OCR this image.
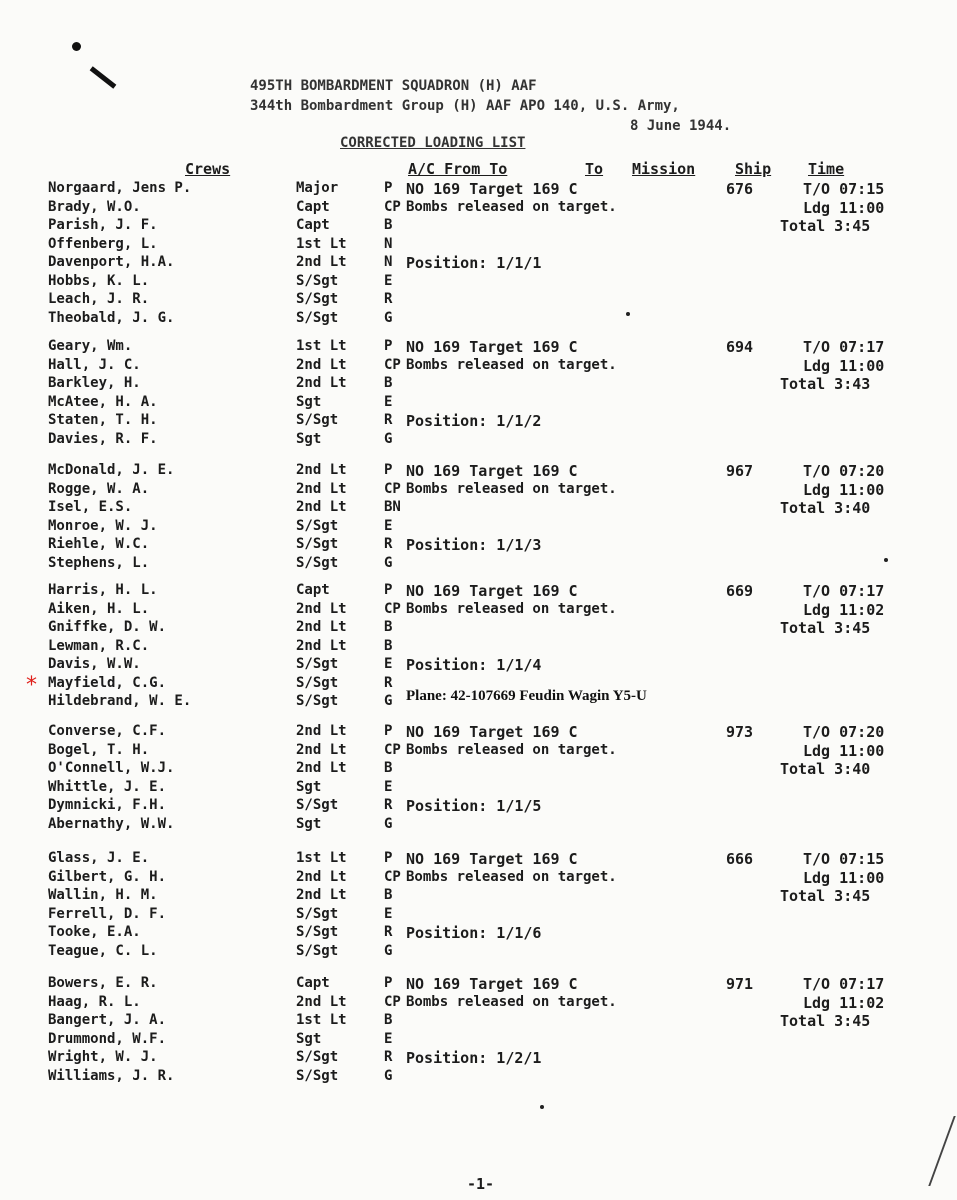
495TH BOMBARDMENT SQUADRON (H) AAF
344th Bombardment Group (H) AAF APO 140, U.S. Army,
8 June 1944.
CORRECTED LOADING LIST
Crews	A/C From To	To Mission	Ship Time
Norgaard, Jens P.	Major	P
Brady, W.O.	Capt	CP
Parish, J. F.	Capt	B
Offenberg, L.	1st Lt	N
Davenport, H.A.	2nd Lt	N
Hobbs, K. L.	S/Sgt	E
Leach, J. R.	S/Sgt	R
Theobald, J. G.	S/Sgt	G
NO 169 Target 169 C	676	T/O 07:15
Bombs released on target.	Ldg 11:00
Total 3:45
Position: 1/1/1
Geary, Wm.	1st Lt	P
Hall, J. C.	2nd Lt	CP
Barkley, H.	2nd Lt	B
McAtee, H. A.	Sgt	E
Staten, T. H.	S/Sgt	R
Davies, R. F.	Sgt	G
NO 169 Target 169 C	694	T/O 07:17
Bombs released on target.	Ldg 11:00
Total 3:43
Position: 1/1/2
McDonald, J. E.	2nd Lt	P
Rogge, W. A.	2nd Lt	CP
Isel, E.S.	2nd Lt	BN
Monroe, W. J.	S/Sgt	E
Riehle, W.C.	S/Sgt	R
Stephens, L.	S/Sgt	G
NO 169 Target 169 C	967	T/O 07:20
Bombs released on target.	Ldg 11:00
Total 3:40
Position: 1/1/3
Harris, H. L.	Capt	P
Aiken, H. L.	2nd Lt	CP
Gniffke, D. W.	2nd Lt	B
Lewman, R.C.	2nd Lt	B
Davis, W.W.	S/Sgt	E
Mayfield, C.G.	S/Sgt	R
Hildebrand, W. E.	S/Sgt	G
NO 169 Target 169 C	669	T/O 07:17
Bombs released on target.	Ldg 11:02
Total 3:45
Position: 1/1/4
Converse, C.F.	2nd Lt	P
Bogel, T. H.	2nd Lt	CP
O'Connell, W.J.	2nd Lt	B
Whittle, J. E.	Sgt	E
Dymnicki, F.H.	S/Sgt	R
Abernathy, W.W.	Sgt	G
NO 169 Target 169 C	973	T/O 07:20
Bombs released on target.	Ldg 11:00
Total 3:40
Position: 1/1/5
Glass, J. E.	1st Lt	P
Gilbert, G. H.	2nd Lt	CP
Wallin, H. M.	2nd Lt	B
Ferrell, D. F.	S/Sgt	E
Tooke, E.A.	S/Sgt	R
Teague, C. L.	S/Sgt	G
NO 169 Target 169 C	666	T/O 07:15
Bombs released on target.	Ldg 11:00
Total 3:45
Position: 1/1/6
Bowers, E. R.	Capt	P
Haag, R. L.	2nd Lt	CP
Bangert, J. A.	1st Lt	B
Drummond, W.F.	Sgt	E
Wright, W. J.	S/Sgt	R
Williams, J. R.	S/Sgt	G
NO 169 Target 169 C	971	T/O 07:17
Bombs released on target.	Ldg 11:02
Total 3:45
Position: 1/2/1
*	Plane: 42-107669 Feudin Wagin Y5-U
-1-
